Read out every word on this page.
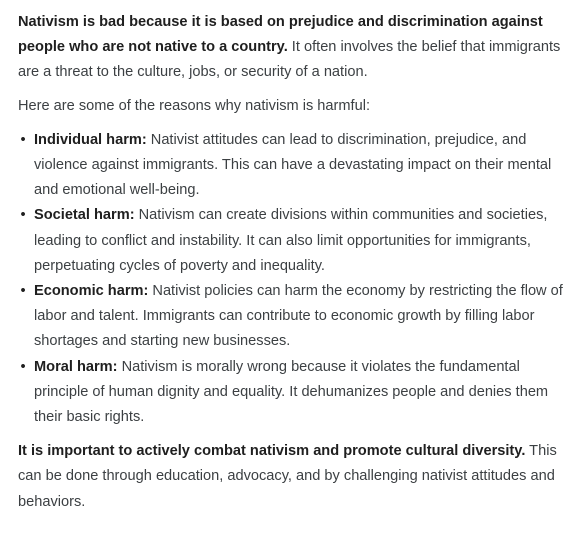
Nativism is bad because it is based on prejudice and discrimination against people who are not native to a country. It often involves the belief that immigrants are a threat to the culture, jobs, or security of a nation.

Here are some of the reasons why nativism is harmful:

• Individual harm: Nativist attitudes can lead to discrimination, prejudice, and violence against immigrants. This can have a devastating impact on their mental and emotional well-being.
• Societal harm: Nativism can create divisions within communities and societies, leading to conflict and instability. It can also limit opportunities for immigrants, perpetuating cycles of poverty and inequality.
• Economic harm: Nativist policies can harm the economy by restricting the flow of labor and talent. Immigrants can contribute to economic growth by filling labor shortages and starting new businesses.
• Moral harm: Nativism is morally wrong because it violates the fundamental principle of human dignity and equality. It dehumanizes people and denies them their basic rights.

It is important to actively combat nativism and promote cultural diversity. This can be done through education, advocacy, and by challenging nativist attitudes and behaviors.
